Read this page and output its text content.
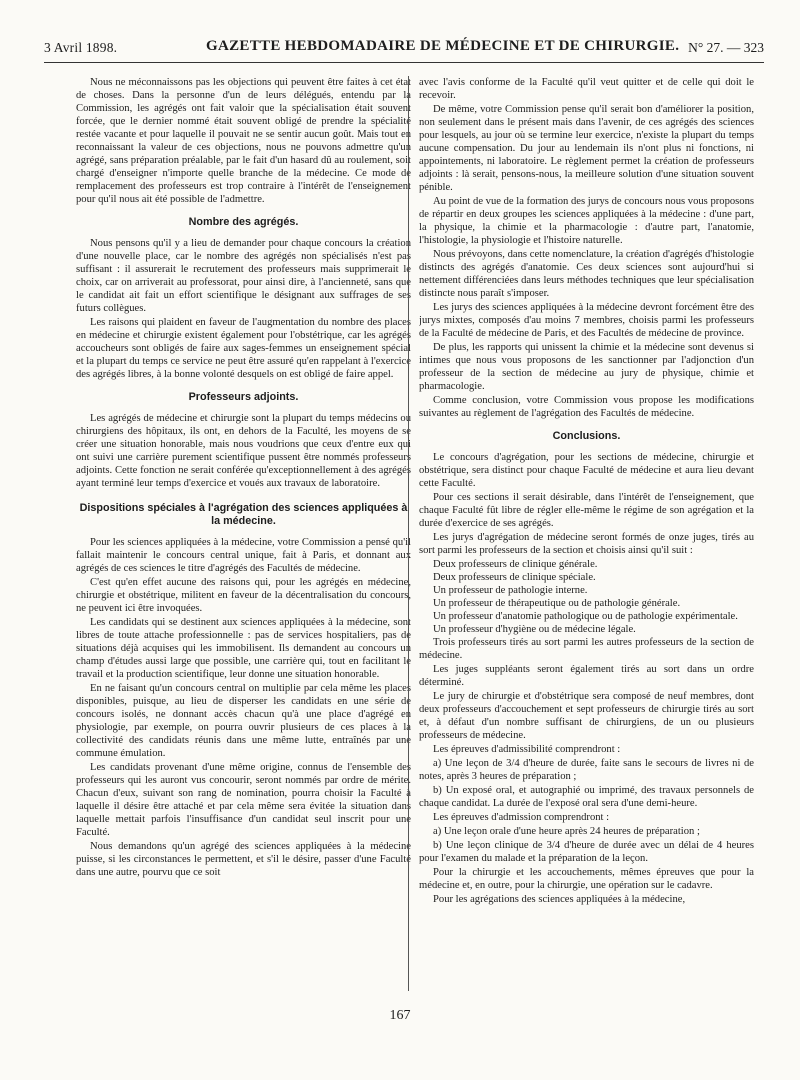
3 Avril 1898.	GAZETTE HEBDOMADAIRE DE MÉDECINE ET DE CHIRURGIE. N° 27. — 323

Nous ne méconnaissons pas les objections qui peuvent être faites à cet état de choses. Dans la personne d'un de leurs délégués, entendu par la Commission, les agrégés ont fait valoir que la spécialisation était souvent forcée, que le dernier nommé était souvent obligé de prendre la spécialité restée vacante et pour laquelle il pouvait ne se sentir aucun goût. Mais tout en reconnaissant la valeur de ces objections, nous ne pouvons admettre qu'un agrégé, sans préparation préalable, par le fait d'un hasard dû au roulement, soit chargé d'enseigner n'importe quelle branche de la médecine. Ce mode de remplacement des professeurs est trop contraire à l'intérêt de l'enseignement pour qu'il nous ait été possible de l'admettre.

Nombre des agrégés.

Nous pensons qu'il y a lieu de demander pour chaque concours la création d'une nouvelle place, car le nombre des agrégés non spécialisés n'est pas suffisant : il assurerait le recrutement des professeurs mais supprimerait le choix, car on arriverait au professorat, pour ainsi dire, à l'ancienneté, sans que le candidat ait fait un effort scientifique le désignant aux suffrages de ses futurs collègues.

Les raisons qui plaident en faveur de l'augmentation du nombre des places en médecine et chirurgie existent également pour l'obstétrique, car les agrégés accoucheurs sont obligés de faire aux sages-femmes un enseignement spécial et la plupart du temps ce service ne peut être assuré qu'en rappelant à l'exercice des agrégés libres, à la bonne volonté desquels on est obligé de faire appel.

Professeurs adjoints.

Les agrégés de médecine et chirurgie sont la plupart du temps médecins ou chirurgiens des hôpitaux, ils ont, en dehors de la Faculté, les moyens de se créer une situation honorable, mais nous voudrions que ceux d'entre eux qui ont suivi une carrière purement scientifique pussent être nommés professeurs adjoints. Cette fonction ne serait conférée qu'exceptionnellement à des agrégés ayant terminé leur temps d'exercice et voués aux travaux de laboratoire.

Dispositions spéciales à l'agrégation des sciences appliquées à la médecine.

Pour les sciences appliquées à la médecine, votre Commission a pensé qu'il fallait maintenir le concours central unique, fait à Paris, et donnant aux agrégés de ces sciences le titre d'agrégés des Facultés de médecine.

C'est qu'en effet aucune des raisons qui, pour les agrégés en médecine, chirurgie et obstétrique, militent en faveur de la décentralisation du concours, ne peuvent ici être invoquées.

Les candidats qui se destinent aux sciences appliquées à la médecine, sont libres de toute attache professionnelle : pas de services hospitaliers, pas de situations déjà acquises qui les immobilisent. Ils demandent au concours un champ d'études aussi large que possible, une carrière qui, tout en facilitant le travail et la production scientifique, leur donne une situation honorable.

En ne faisant qu'un concours central on multiplie par cela même les places disponibles, puisque, au lieu de disperser les candidats en une série de concours isolés, ne donnant accès chacun qu'à une place d'agrégé en physiologie, par exemple, on pourra ouvrir plusieurs de ces places à la collectivité des candidats réunis dans une même lutte, entraînés par une commune émulation.

Les candidats provenant d'une même origine, connus de l'ensemble des professeurs qui les auront vus concourir, seront nommés par ordre de mérite. Chacun d'eux, suivant son rang de nomination, pourra choisir la Faculté à laquelle il désire être attaché et par cela même sera évitée la situation dans laquelle mettait parfois l'insuffisance d'un candidat seul inscrit pour une Faculté.

Nous demandons qu'un agrégé des sciences appliquées à la médecine puisse, si les circonstances le permettent, et s'il le désire, passer d'une Faculté dans une autre, pourvu que ce soit

avec l'avis conforme de la Faculté qu'il veut quitter et de celle qui doit le recevoir.

De même, votre Commission pense qu'il serait bon d'améliorer la position, non seulement dans le présent mais dans l'avenir, de ces agrégés des sciences pour lesquels, au jour où se termine leur exercice, n'existe la plupart du temps aucune compensation. Du jour au lendemain ils n'ont plus ni fonctions, ni appointements, ni laboratoire. Le règlement permet la création de professeurs adjoints : là serait, pensons-nous, la meilleure solution d'une situation souvent pénible.

Au point de vue de la formation des jurys de concours nous vous proposons de répartir en deux groupes les sciences appliquées à la médecine : d'une part, la physique, la chimie et la pharmacologie : d'autre part, l'anatomie, l'histologie, la physiologie et l'histoire naturelle.

Nous prévoyons, dans cette nomenclature, la création d'agrégés d'histologie distincts des agrégés d'anatomie. Ces deux sciences sont aujourd'hui si nettement différenciées dans leurs méthodes techniques que leur spécialisation distincte nous paraît s'imposer.

Les jurys des sciences appliquées à la médecine devront forcément être des jurys mixtes, composés d'au moins 7 membres, choisis parmi les professeurs de la Faculté de médecine de Paris, et des Facultés de médecine de province.

De plus, les rapports qui unissent la chimie et la médecine sont devenus si intimes que nous vous proposons de les sanctionner par l'adjonction d'un professeur de la section de médecine au jury de physique, chimie et pharmacologie.

Comme conclusion, votre Commission vous propose les modifications suivantes au règlement de l'agrégation des Facultés de médecine.

Conclusions.

Le concours d'agrégation, pour les sections de médecine, chirurgie et obstétrique, sera distinct pour chaque Faculté de médecine et aura lieu devant cette Faculté.

Pour ces sections il serait désirable, dans l'intérêt de l'enseignement, que chaque Faculté fût libre de régler elle-même le régime de son agrégation et la durée d'exercice de ses agrégés.

Les jurys d'agrégation de médecine seront formés de onze juges, tirés au sort parmi les professeurs de la section et choisis ainsi qu'il suit :

Deux professeurs de clinique générale.

Deux professeurs de clinique spéciale.

Un professeur de pathologie interne.

Un professeur de thérapeutique ou de pathologie générale.

Un professeur d'anatomie pathologique ou de pathologie expérimentale.

Un professeur d'hygiène ou de médecine légale.

Trois professeurs tirés au sort parmi les autres professeurs de la section de médecine.

Les juges suppléants seront également tirés au sort dans un ordre déterminé.

Le jury de chirurgie et d'obstétrique sera composé de neuf membres, dont deux professeurs d'accouchement et sept professeurs de chirurgie tirés au sort et, à défaut d'un nombre suffisant de chirurgiens, de un ou plusieurs professeurs de médecine.

Les épreuves d'admissibilité comprendront :

a) Une leçon de 3/4 d'heure de durée, faite sans le secours de livres ni de notes, après 3 heures de préparation ;

b) Un exposé oral, et autographié ou imprimé, des travaux personnels de chaque candidat. La durée de l'exposé oral sera d'une demi-heure.

Les épreuves d'admission comprendront :

a) Une leçon orale d'une heure après 24 heures de préparation ;

b) Une leçon clinique de 3/4 d'heure de durée avec un délai de 4 heures pour l'examen du malade et la préparation de la leçon.

Pour la chirurgie et les accouchements, mêmes épreuves que pour la médecine et, en outre, pour la chirurgie, une opération sur le cadavre.

Pour les agrégations des sciences appliquées à la médecine,

167
